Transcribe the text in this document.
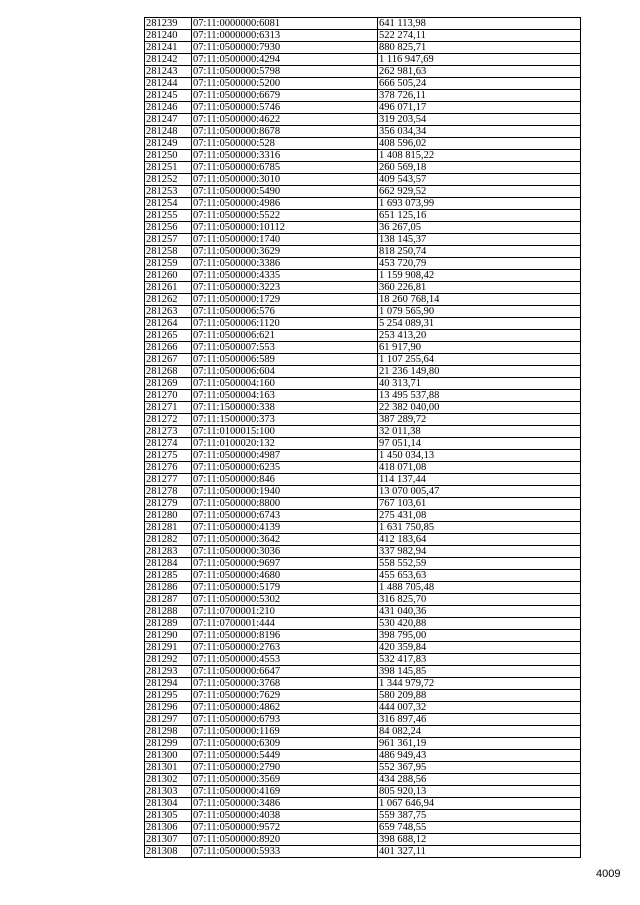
281239	07:11:0000000:6081	641 113,98
281240	07:11:0000000:6313	522 274,11
281241	07:11:0500000:7930	880 825,71
281242	07:11:0500000:4294	1 116 947,69
281243	07:11:0500000:5798	262 981,63
281244	07:11:0500000:5200	666 505,24
281245	07:11:0500000:6679	378 726,11
281246	07:11:0500000:5746	496 071,17
281247	07:11:0500000:4622	319 203,54
281248	07:11:0500000:8678	356 034,34
281249	07:11:0500000:528	408 596,02
281250	07:11:0500000:3316	1 408 815,22
281251	07:11:0500000:6785	260 569,18
281252	07:11:0500000:3010	409 543,57
281253	07:11:0500000:5490	662 929,52
281254	07:11:0500000:4986	1 693 073,99
281255	07:11:0500000:5522	651 125,16
281256	07:11:0500000:10112	36 267,05
281257	07:11:0500000:1740	138 145,37
281258	07:11:0500000:3629	818 250,74
281259	07:11:0500000:3386	453 720,79
281260	07:11:0500000:4335	1 159 908,42
281261	07:11:0500000:3223	360 226,81
281262	07:11:0500000:1729	18 260 768,14
281263	07:11:0500006:576	1 079 565,90
281264	07:11:0500006:1120	5 254 089,31
281265	07:11:0500006:621	253 413,20
281266	07:11:0500007:553	61 917,90
281267	07:11:0500006:589	1 107 255,64
281268	07:11:0500006:604	21 236 149,80
281269	07:11:0500004:160	40 313,71
281270	07:11:0500004:163	13 495 537,88
281271	07:11:1500000:338	22 382 040,00
281272	07:11:1500000:373	387 289,72
281273	07:11:0100015:100	32 011,38
281274	07:11:0100020:132	97 051,14
281275	07:11:0500000:4987	1 450 034,13
281276	07:11:0500000:6235	418 071,08
281277	07:11:0500000:846	114 137,44
281278	07:11:0500000:1940	13 070 005,47
281279	07:11:0500000:8800	767 103,61
281280	07:11:0500000:6743	275 431,08
281281	07:11:0500000:4139	1 631 750,85
281282	07:11:0500000:3642	412 183,64
281283	07:11:0500000:3036	337 982,94
281284	07:11:0500000:9697	558 552,59
281285	07:11:0500000:4680	455 653,63
281286	07:11:0500000:5179	1 488 705,48
281287	07:11:0500000:5302	316 825,70
281288	07:11:0700001:210	431 040,36
281289	07:11:0700001:444	530 420,88
281290	07:11:0500000:8196	398 795,00
281291	07:11:0500000:2763	420 359,84
281292	07:11:0500000:4553	532 417,83
281293	07:11:0500000:6647	398 145,85
281294	07:11:0500000:3768	1 344 979,72
281295	07:11:0500000:7629	580 209,88
281296	07:11:0500000:4862	444 007,32
281297	07:11:0500000:6793	316 897,46
281298	07:11:0500000:1169	84 082,24
281299	07:11:0500000:6309	961 361,19
281300	07:11:0500000:5449	486 949,43
281301	07:11:0500000:2790	552 367,95
281302	07:11:0500000:3569	434 288,56
281303	07:11:0500000:4169	805 920,13
281304	07:11:0500000:3486	1 067 646,94
281305	07:11:0500000:4038	559 387,75
281306	07:11:0500000:9572	659 748,55
281307	07:11:0500000:8920	398 688,12
281308	07:11:0500000:5933	401 327,11
4009
